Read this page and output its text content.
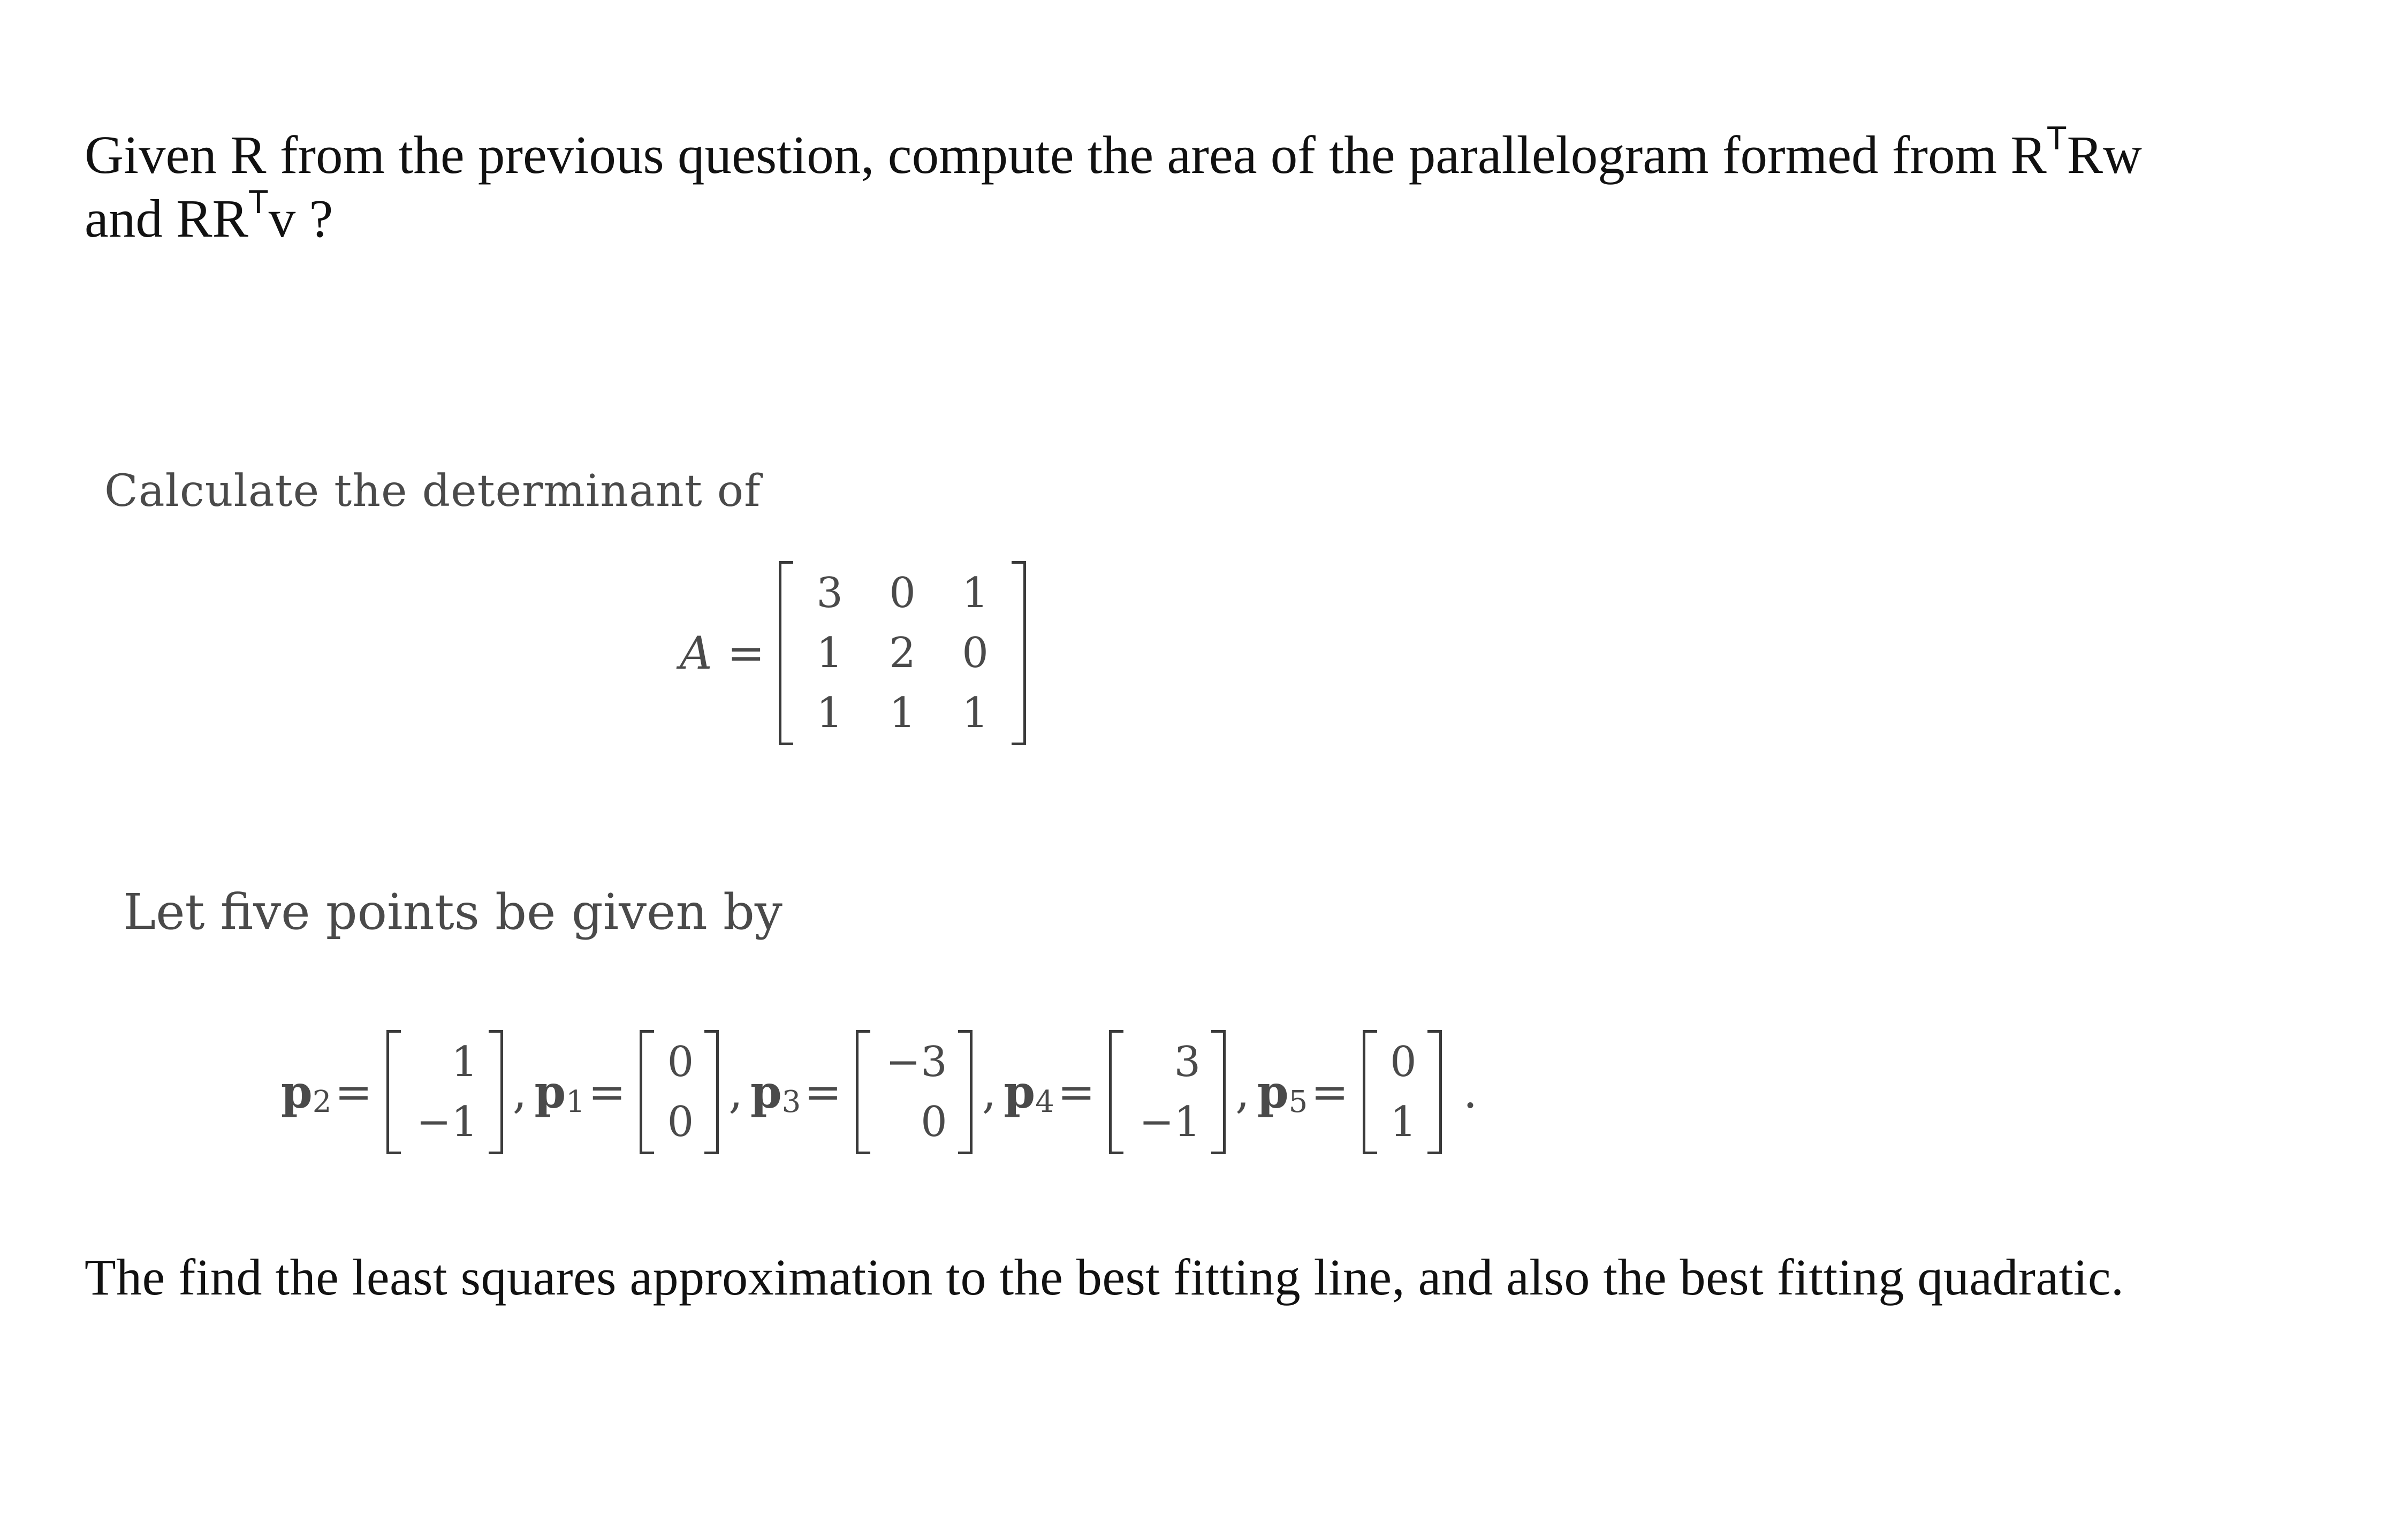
Given R from the previous question, compute the area of the parallelogram formed from $R^TRw$
and $RR^Tv$ ?
Calculate the determinant of
A =
3	0	1
1	2	0
1	1	1
Let five points be given by
$p_2$ =
1
−1
, $p_1$ =
0
0
, $p_3$ =
−3
0
, $p_4$ =
3
−1
, $p_5$ =
0
1
.
The find the least squares approximation to the best fitting line, and also the best fitting quadratic.
